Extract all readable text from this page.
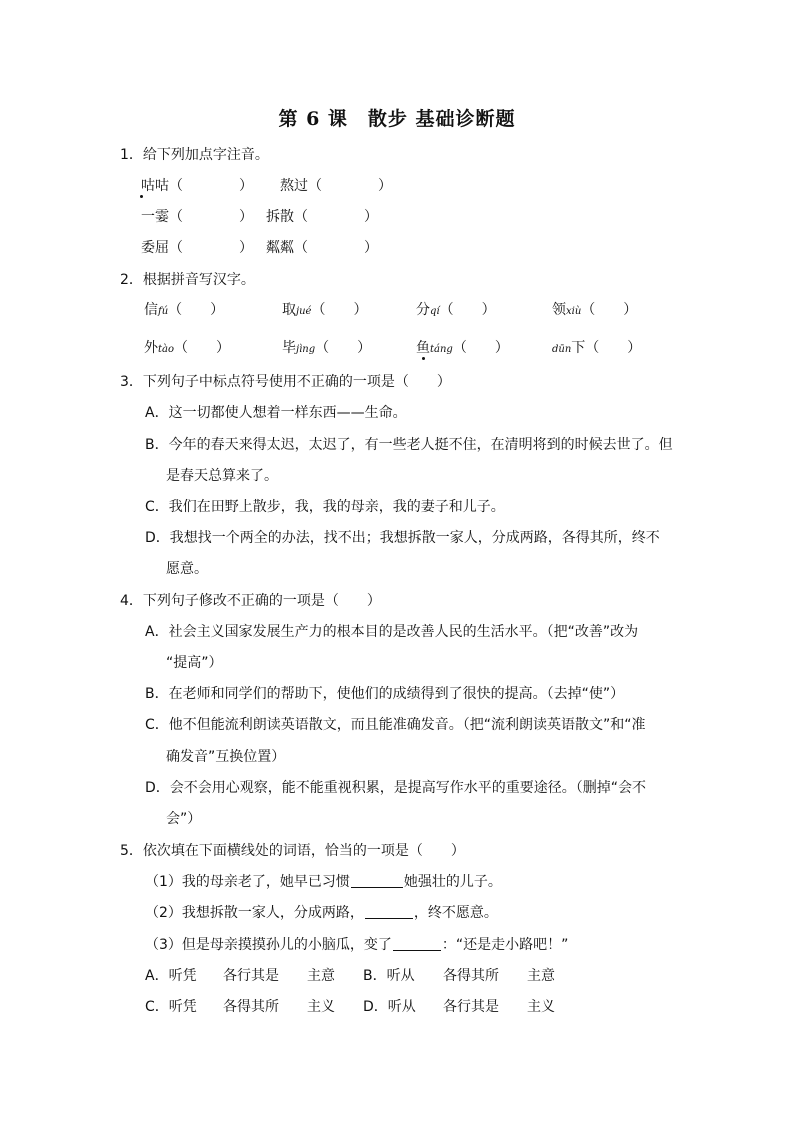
第 6 课　散步 基础诊断题
1．给下列加点字注音。
咕咕（　　　　） 熬过（　　　　）
一霎（　　　　） 拆散（　　　　）
委屈（　　　　） 粼粼（　　　　）
2．根据拼音写汉字。
信fú（　　）	取jué（　　）	分qí（　　）	领xiù（　　）
外tào（　　）	毕jìng（　　）	鱼táng（　　）	dūn下（　　）
3．下列句子中标点符号使用不正确的一项是（　　）
A．这一切都使人想着一样东西——生命。
B．今年的春天来得太迟，太迟了，有一些老人挺不住，在清明将到的时候去世了。但
是春天总算来了。
C．我们在田野上散步，我，我的母亲，我的妻子和儿子。
D．我想找一个两全的办法，找不出；我想拆散一家人，分成两路，各得其所，终不
愿意。
4．下列句子修改不正确的一项是（　　）
A．社会主义国家发展生产力的根本目的是改善人民的生活水平。（把“改善”改为
“提高”）
B．在老师和同学们的帮助下，使他们的成绩得到了很快的提高。（去掉“使”）
C．他不但能流利朗读英语散文，而且能准确发音。（把“流利朗读英语散文”和“准
确发音”互换位置）
D．会不会用心观察，能不能重视积累，是提高写作水平的重要途径。（删掉“会不
会”）
5．依次填在下面横线处的词语，恰当的一项是（　　）
（1）我的母亲老了，她早已习惯	她强壮的儿子。
（2）我想拆散一家人，分成两路，	，终不愿意。
（3）但是母亲摸摸孙儿的小脑瓜，变了	：“还是走小路吧！”
A．听凭 各行其是 主意 B．听从 各得其所 主意
C．听凭 各得其所 主义 D．听从 各行其是 主义
